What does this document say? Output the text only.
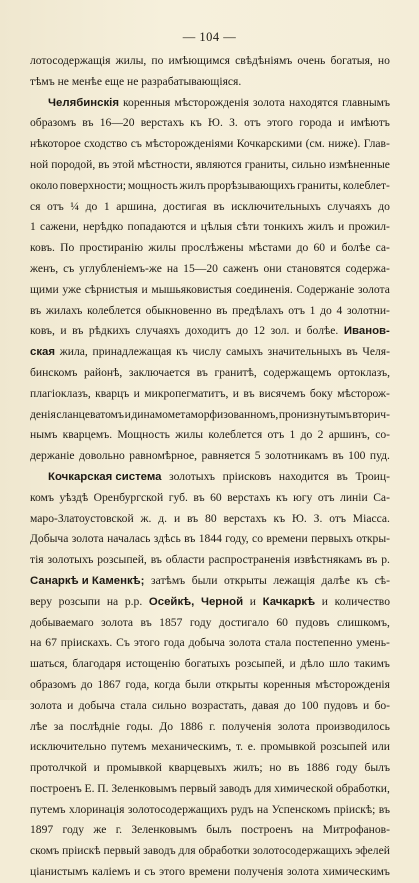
— 104 —
лотосодержащія жилы, по имѣющимся свѣдѣніямъ очень богатыя, но
тѣмъ не менѣе еще не разрабатывающіяся.
Челябинскія коренныя мѣсторожденія золота находятся главнымъ
образомъ въ 16—20 верстахъ къ Ю. З. отъ этого города и имѣютъ
нѣкоторое сходство съ мѣсторожденіями Кочкарскими (см. ниже). Глав-
ной породой, въ этой мѣстности, являются граниты, сильно измѣненные
около поверхности; мощность жилъ прорѣзывающихъ граниты, колеблет-
ся отъ ¼ до 1 аршина, достигая въ исключительныхъ случаяхъ до
1 сажени, нерѣдко попадаются и цѣлыя сѣти тонкихъ жилъ и прожил-
ковъ. По простиранію жилы прослѣжены мѣстами до 60 и болѣе са-
женъ, съ углубленіемъ-же на 15—20 саженъ они становятся содержа-
щими уже сѣрнистыя и мышьяковистыя соединенія. Содержаніе золота
въ жилахъ колеблется обыкновенно въ предѣлахъ отъ 1 до 4 золотни-
ковъ, и въ рѣдкихъ случаяхъ доходитъ до 12 зол. и болѣе. Иванов-
ская жила, принадлежащая къ числу самыхъ значительныхъ въ Челя-
бинскомъ районѣ, заключается въ гранитѣ, содержащемъ ортоклазъ,
плагіоклазъ, кварцъ и микропегматитъ, и въ висячемъ боку мѣсторож-
денія сланцеватомъ и динамометаморфизованномъ, пронизнутымъ вторич-
нымъ кварцемъ. Мощность жилы колеблется отъ 1 до 2 аршинъ, со-
держаніе довольно равномѣрное, равняется 5 золотникамъ въ 100 пуд.
Кочкарская система золотыхъ прiисковъ находится въ Троиц-
комъ уѣздѣ Оренбургской губ. въ 60 верстахъ къ югу отъ линіи Са-
маро-Златоустовской ж. д. и въ 80 верстахъ къ Ю. З. отъ Міасса.
Добыча золота началась здѣсь въ 1844 году, со времени первыхъ откры-
тія золотыхъ розсыпей, въ области распространенія извѣстнякамъ въ р.
Санаркѣ и Каменкѣ; затѣмъ были открыты лежащія далѣе къ сѣ-
веру розсыпи на р.р. Осейкѣ, Черной и Качкаркѣ и количество
добываемаго золота въ 1857 году достигало 60 пудовъ слишкомъ,
на 67 пріискахъ. Съ этого года добыча золота стала постепенно умень-
шаться, благодаря истощенію богатыхъ розсыпей, и дѣло шло такимъ
образомъ до 1867 года, когда были открыты коренныя мѣсторожденія
золота и добыча стала сильно возрастать, давая до 100 пудовъ и бо-
лѣе за послѣдніе годы. До 1886 г. полученія золота производилось
исключительно путемъ механическимъ, т. е. промывкой розсыпей или
протолчкой и промывкой кварцевыхъ жилъ; но въ 1886 году былъ
построенъ Е. П. Зеленковымъ первый заводъ для химической обработки,
путемъ хлоринація золотосодержащихъ рудъ на Успенскомъ пріискѣ; въ
1897 году же г. Зеленковымъ былъ построенъ на Митрофанов-
скомъ пріискѣ первый заводъ для обработки золотосодержащихъ эфелей
ціанистымъ каліемъ и съ этого времени полученія золота химическимъ
